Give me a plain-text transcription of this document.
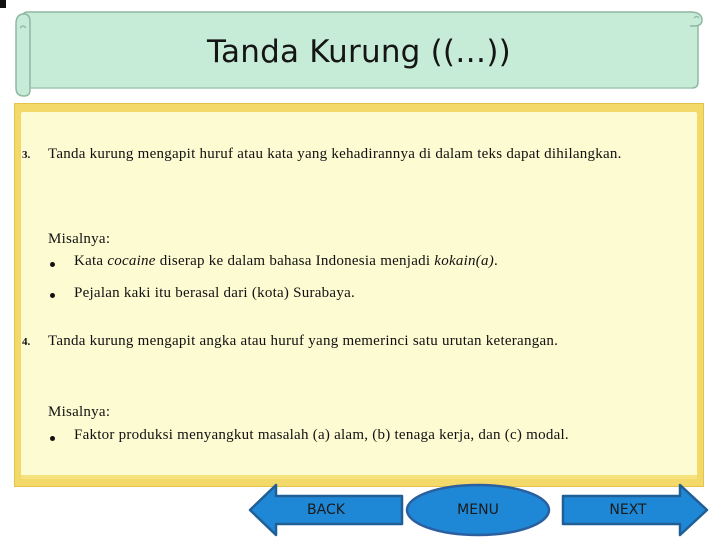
Tanda Kurung ((…))
3. Tanda kurung mengapit huruf atau kata yang kehadirannya di dalam teks dapat dihilangkan.
Misalnya:
Kata cocaine diserap ke dalam bahasa Indonesia menjadi kokain(a).
Pejalan kaki itu berasal dari (kota) Surabaya.
4. Tanda kurung mengapit angka atau huruf yang memerinci satu urutan keterangan.
Misalnya:
Faktor produksi menyangkut masalah (a) alam, (b) tenaga kerja, dan (c) modal.
BACK	MENU	NEXT
